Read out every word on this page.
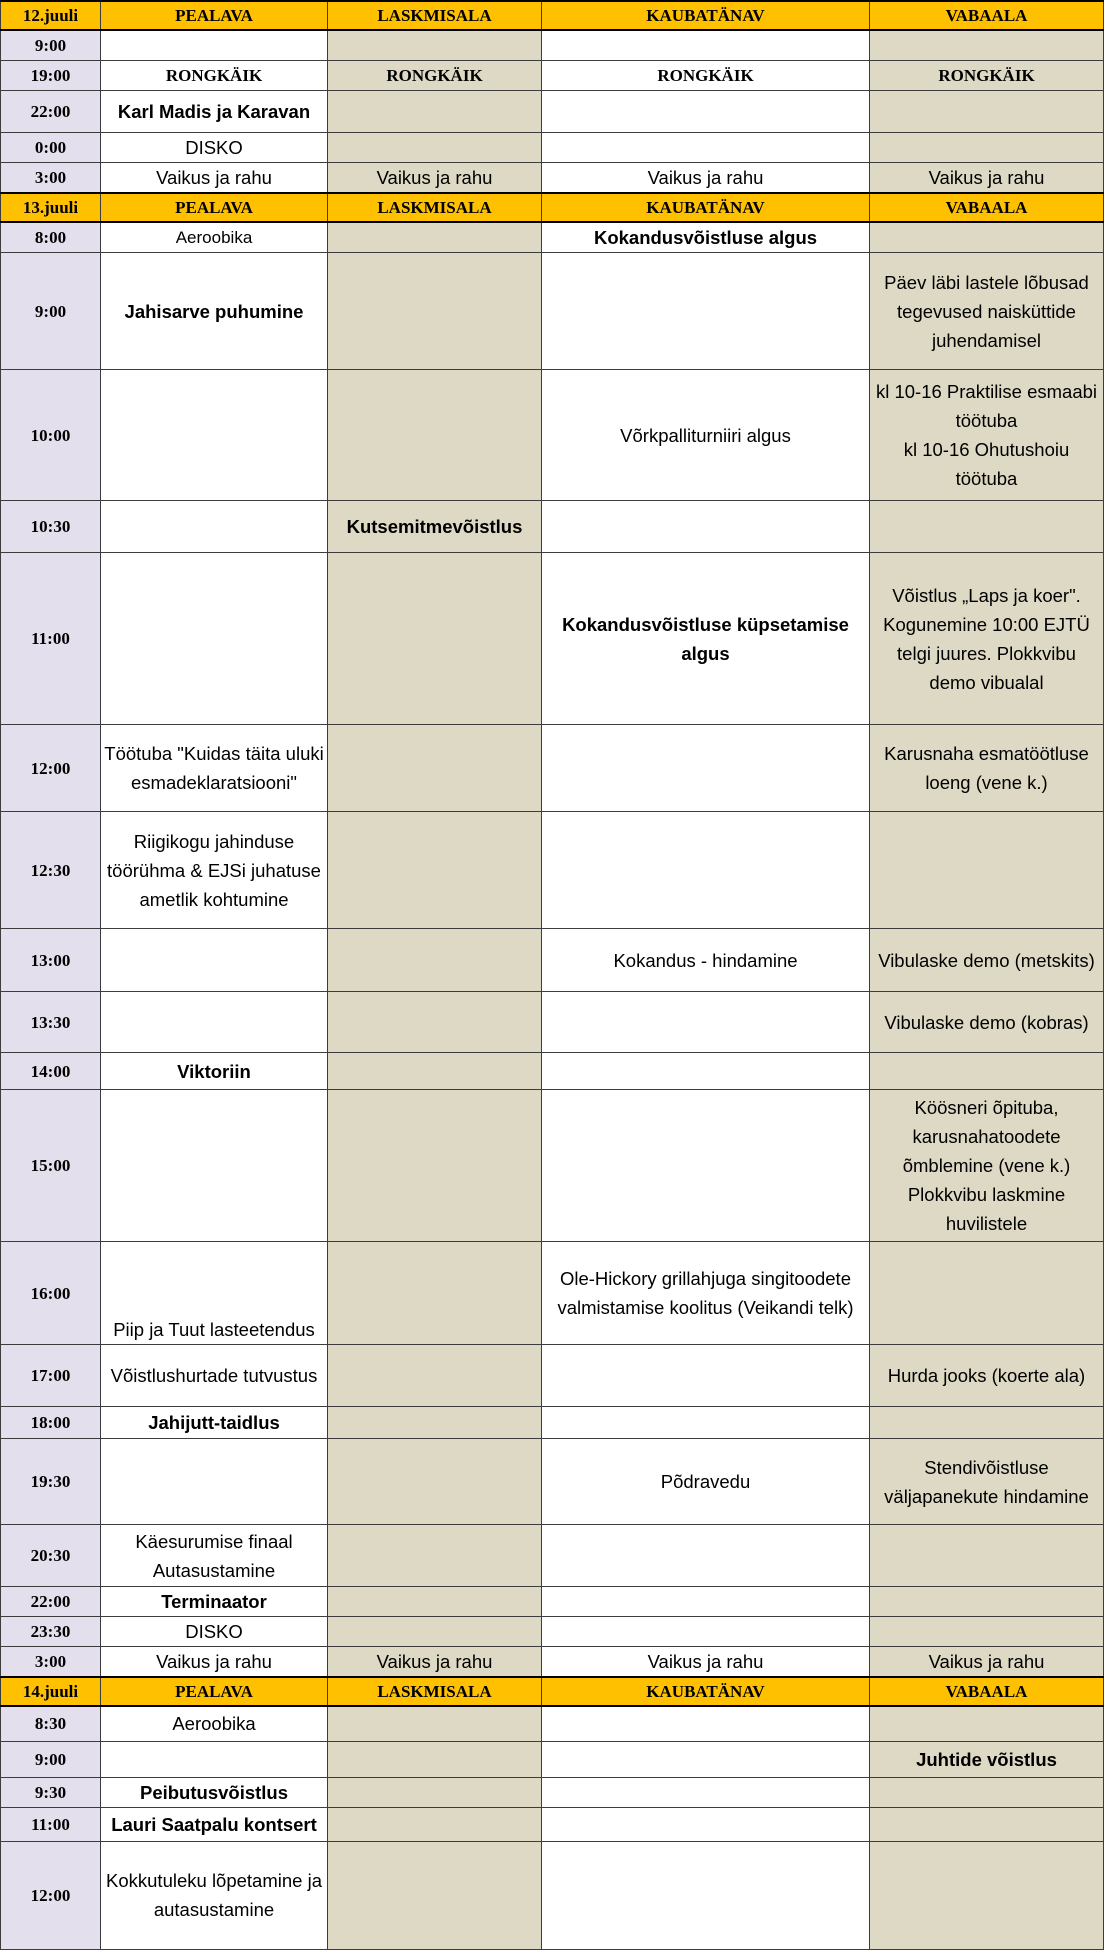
12.juuli	PEALAVA	LASKMISALA	KAUBATÄNAV	VABAALA
9:00				
19:00	RONGKÄIK	RONGKÄIK	RONGKÄIK	RONGKÄIK
22:00	Karl Madis ja Karavan			
0:00	DISKO			
3:00	Vaikus ja rahu	Vaikus ja rahu	Vaikus ja rahu	Vaikus ja rahu
13.juuli	PEALAVA	LASKMISALA	KAUBATÄNAV	VABAALA
8:00	Aeroobika		Kokandusvõistluse algus	
9:00	Jahisarve puhumine			Päev läbi lastele lõbusad tegevused naisküttide juhendamisel
10:00			Võrkpalliturniiri algus	kl 10-16 Praktilise esmaabi töötuba
kl 10-16 Ohutushoiu töötuba
10:30		Kutsemitmevõistlus		
11:00			Kokandusvõistluse küpsetamise algus	Võistlus „Laps ja koer". Kogunemine 10:00 EJTÜ telgi juures. Plokkvibu demo vibualal
12:00	Töötuba "Kuidas täita uluki esmadeklaratsiooni"			Karusnaha esmatöötluse loeng (vene k.)
12:30	Riigikogu jahinduse töörühma & EJSi juhatuse ametlik kohtumine			
13:00			Kokandus - hindamine	Vibulaske demo (metskits)
13:30				Vibulaske demo (kobras)
14:00	Viktoriin			
15:00				Köösneri õpituba, karusnahatoodete õmblemine (vene k.) Plokkvibu laskmine huvilistele
16:00	Piip ja Tuut lasteetendus		Ole-Hickory grillahjuga singitoodete valmistamise koolitus (Veikandi telk)	
17:00	Võistlushurtade tutvustus			Hurda jooks (koerte ala)
18:00	Jahijutt-taidlus			
19:30			Põdravedu	Stendivõistluse väljapanekute hindamine
20:30	Käesurumise finaal Autasustamine			
22:00	Terminaator			
23:30	DISKO			
3:00	Vaikus ja rahu	Vaikus ja rahu	Vaikus ja rahu	Vaikus ja rahu
14.juuli	PEALAVA	LASKMISALA	KAUBATÄNAV	VABAALA
8:30	Aeroobika			
9:00				Juhtide võistlus
9:30	Peibutusvõistlus			
11:00	Lauri Saatpalu kontsert			
12:00	Kokkutuleku lõpetamine ja autasustamine			
